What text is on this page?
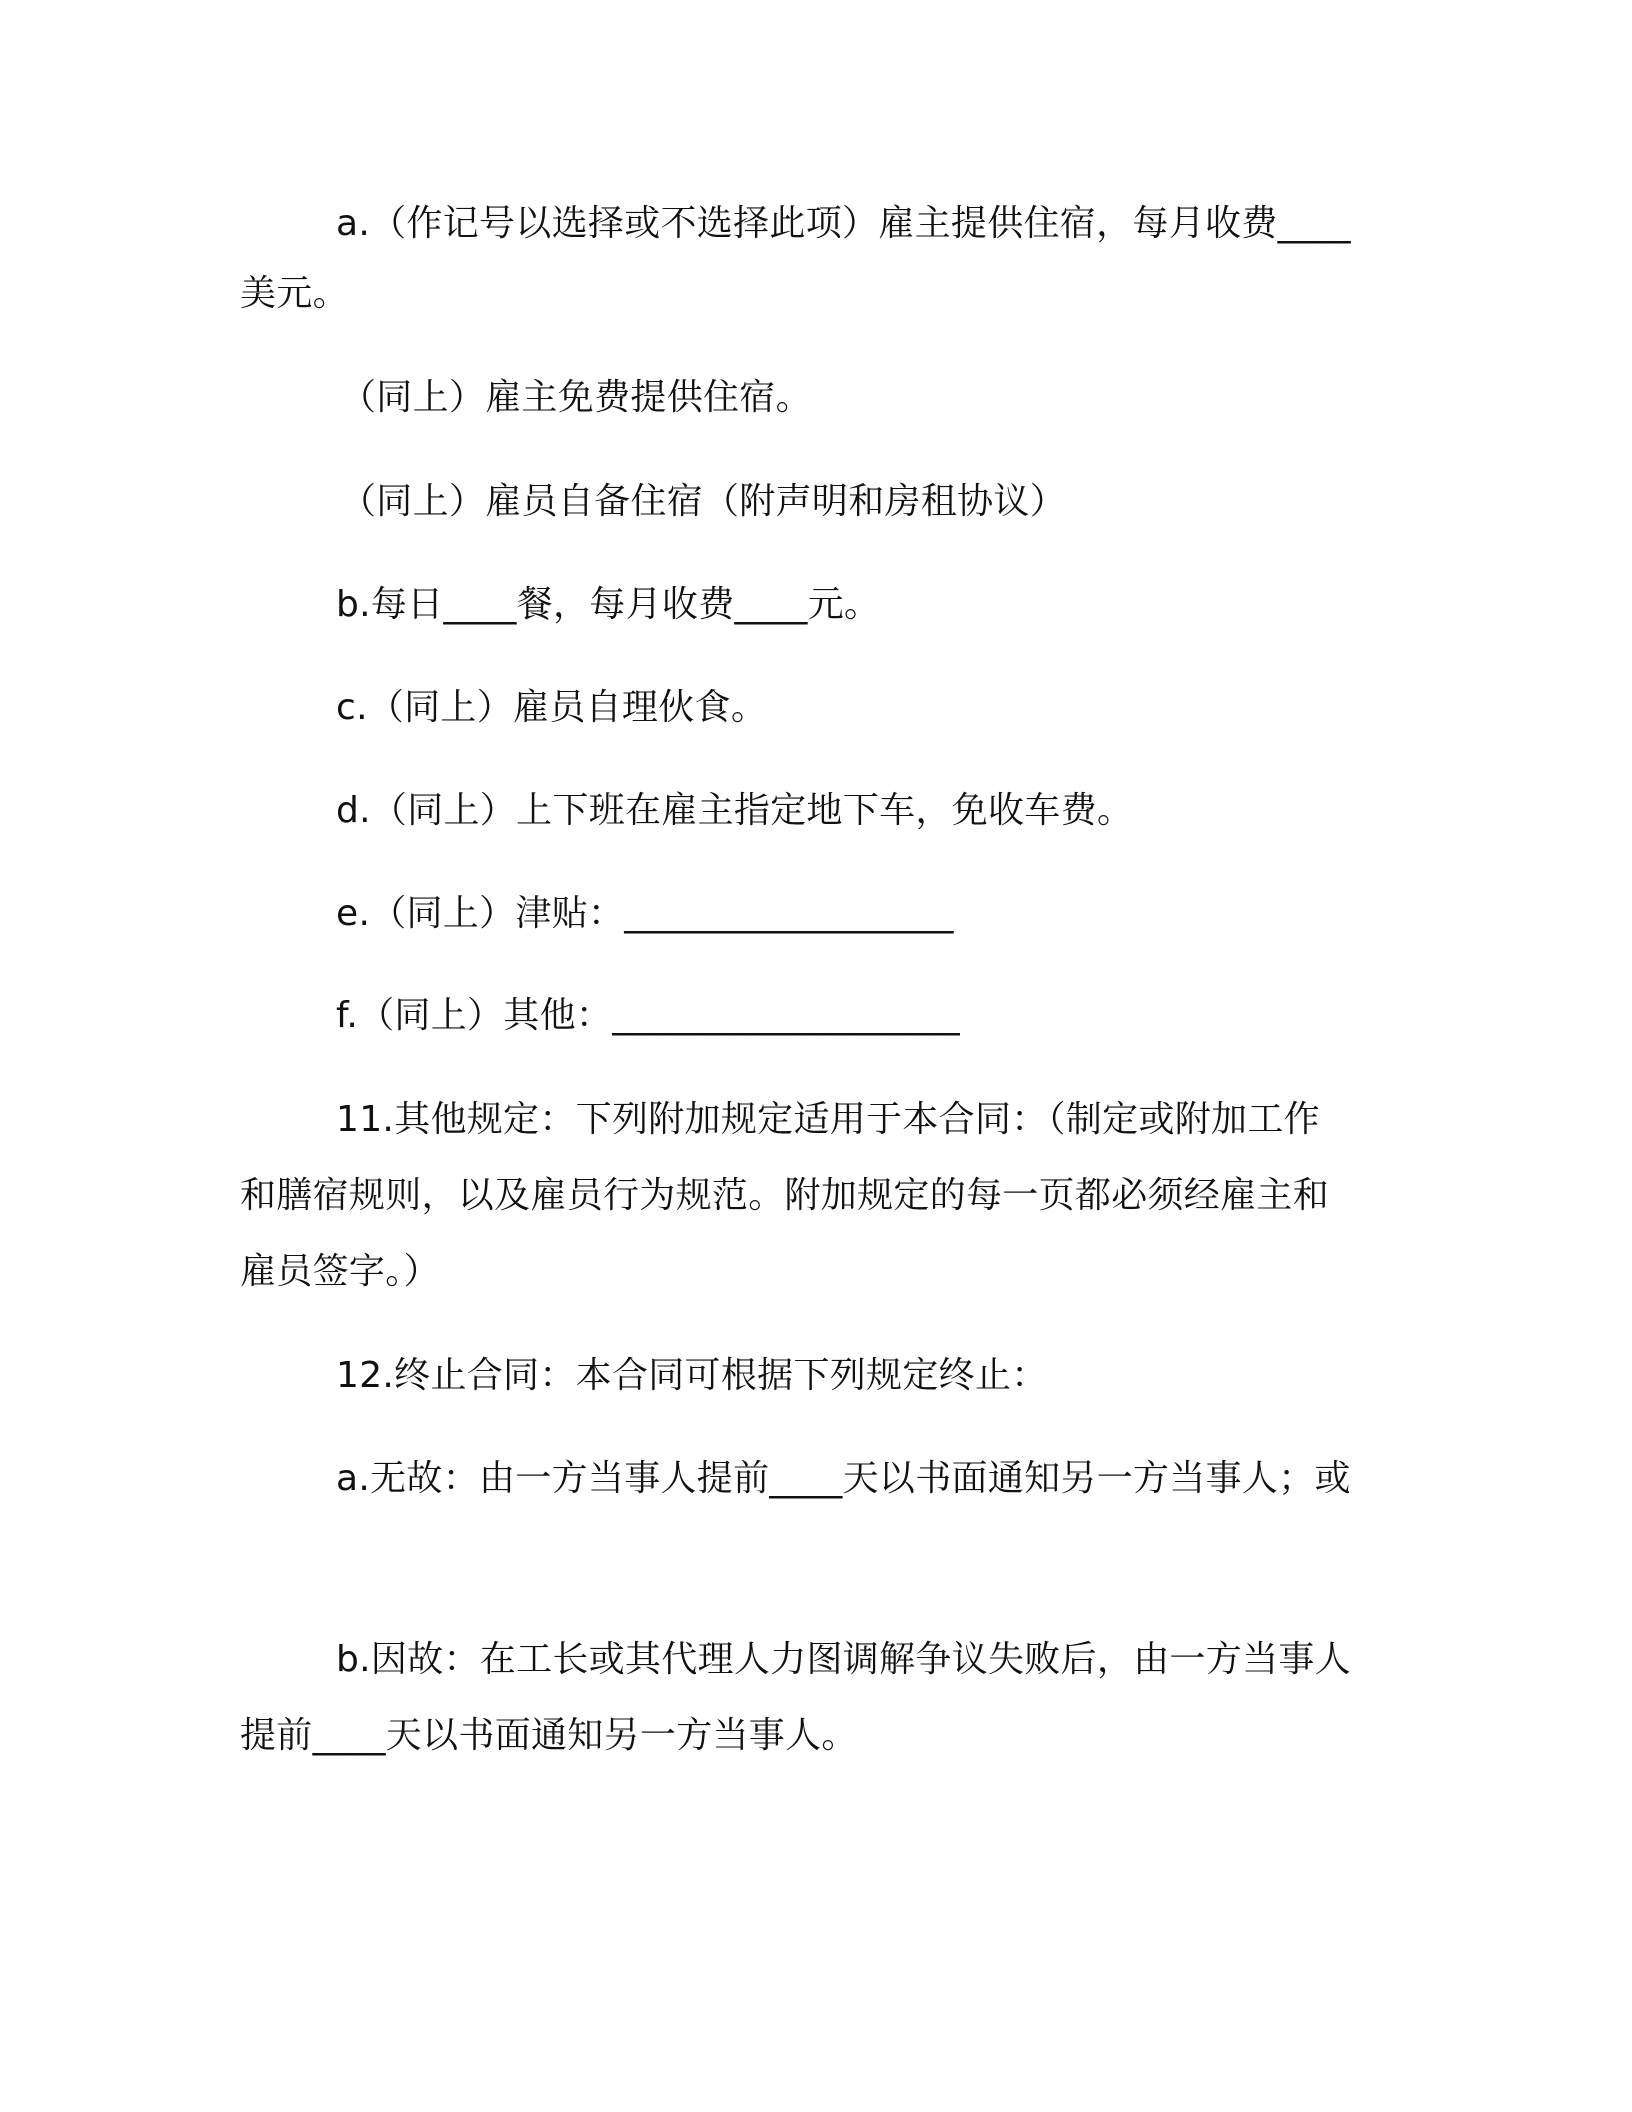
a.（作记号以选择或不选择此项）雇主提供住宿，每月收费____

美元。

（同上）雇主免费提供住宿。

（同上）雇员自备住宿（附声明和房租协议）

b.每日____餐，每月收费____元。

c.（同上）雇员自理伙食。

d.（同上）上下班在雇主指定地下车，免收车费。

e.（同上）津贴：__________________

f.（同上）其他：___________________

11.其他规定：下列附加规定适用于本合同：（制定或附加工作

和膳宿规则，以及雇员行为规范。附加规定的每一页都必须经雇主和

雇员签字。）

12.终止合同：本合同可根据下列规定终止：

a.无故：由一方当事人提前____天以书面通知另一方当事人；或

b.因故：在工长或其代理人力图调解争议失败后，由一方当事人

提前____天以书面通知另一方当事人。
